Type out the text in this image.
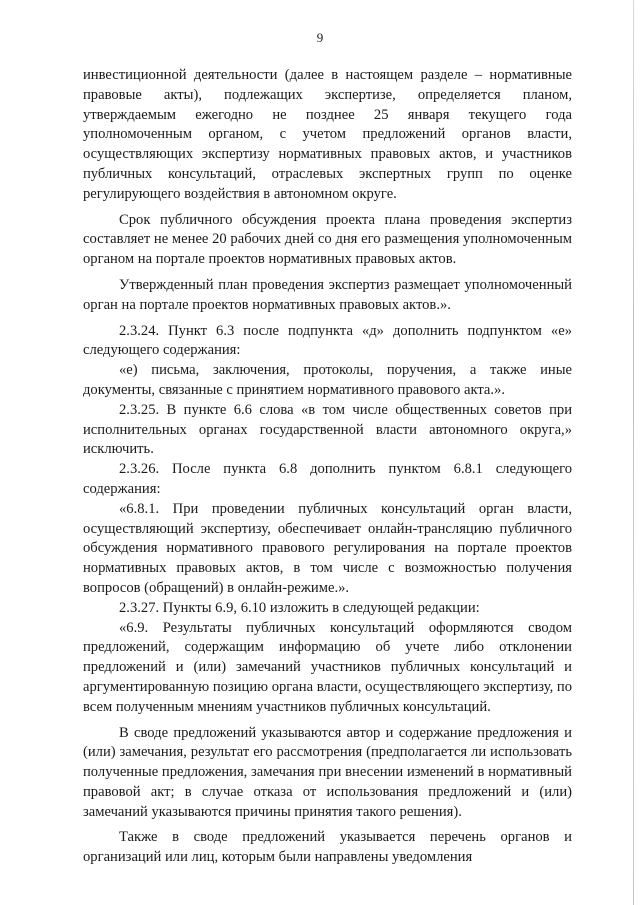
9

инвестиционной деятельности (далее в настоящем разделе – нормативные правовые акты), подлежащих экспертизе, определяется планом, утверждаемым ежегодно не позднее 25 января текущего года уполномоченным органом, с учетом предложений органов власти, осуществляющих экспертизу нормативных правовых актов, и участников публичных консультаций, отраслевых экспертных групп по оценке регулирующего воздействия в автономном округе.

Срок публичного обсуждения проекта плана проведения экспертиз составляет не менее 20 рабочих дней со дня его размещения уполномоченным органом на портале проектов нормативных правовых актов.

Утвержденный план проведения экспертиз размещает уполномоченный орган на портале проектов нормативных правовых актов.».

2.3.24. Пункт 6.3 после подпункта «д» дополнить подпунктом «е» следующего содержания:

«е) письма, заключения, протоколы, поручения, а также иные документы, связанные с принятием нормативного правового акта.».

2.3.25. В пункте 6.6 слова «в том числе общественных советов при исполнительных органах государственной власти автономного округа,» исключить.

2.3.26. После пункта 6.8 дополнить пунктом 6.8.1 следующего содержания:

«6.8.1. При проведении публичных консультаций орган власти, осуществляющий экспертизу, обеспечивает онлайн-трансляцию публичного обсуждения нормативного правового регулирования на портале проектов нормативных правовых актов, в том числе с возможностью получения вопросов (обращений) в онлайн-режиме.».

2.3.27. Пункты 6.9, 6.10 изложить в следующей редакции:

«6.9. Результаты публичных консультаций оформляются сводом предложений, содержащим информацию об учете либо отклонении предложений и (или) замечаний участников публичных консультаций и аргументированную позицию органа власти, осуществляющего экспертизу, по всем полученным мнениям участников публичных консультаций.

В своде предложений указываются автор и содержание предложения и (или) замечания, результат его рассмотрения (предполагается ли использовать полученные предложения, замечания при внесении изменений в нормативный правовой акт; в случае отказа от использования предложений и (или) замечаний указываются причины принятия такого решения).

Также в своде предложений указывается перечень органов и организаций или лиц, которым были направлены уведомления
